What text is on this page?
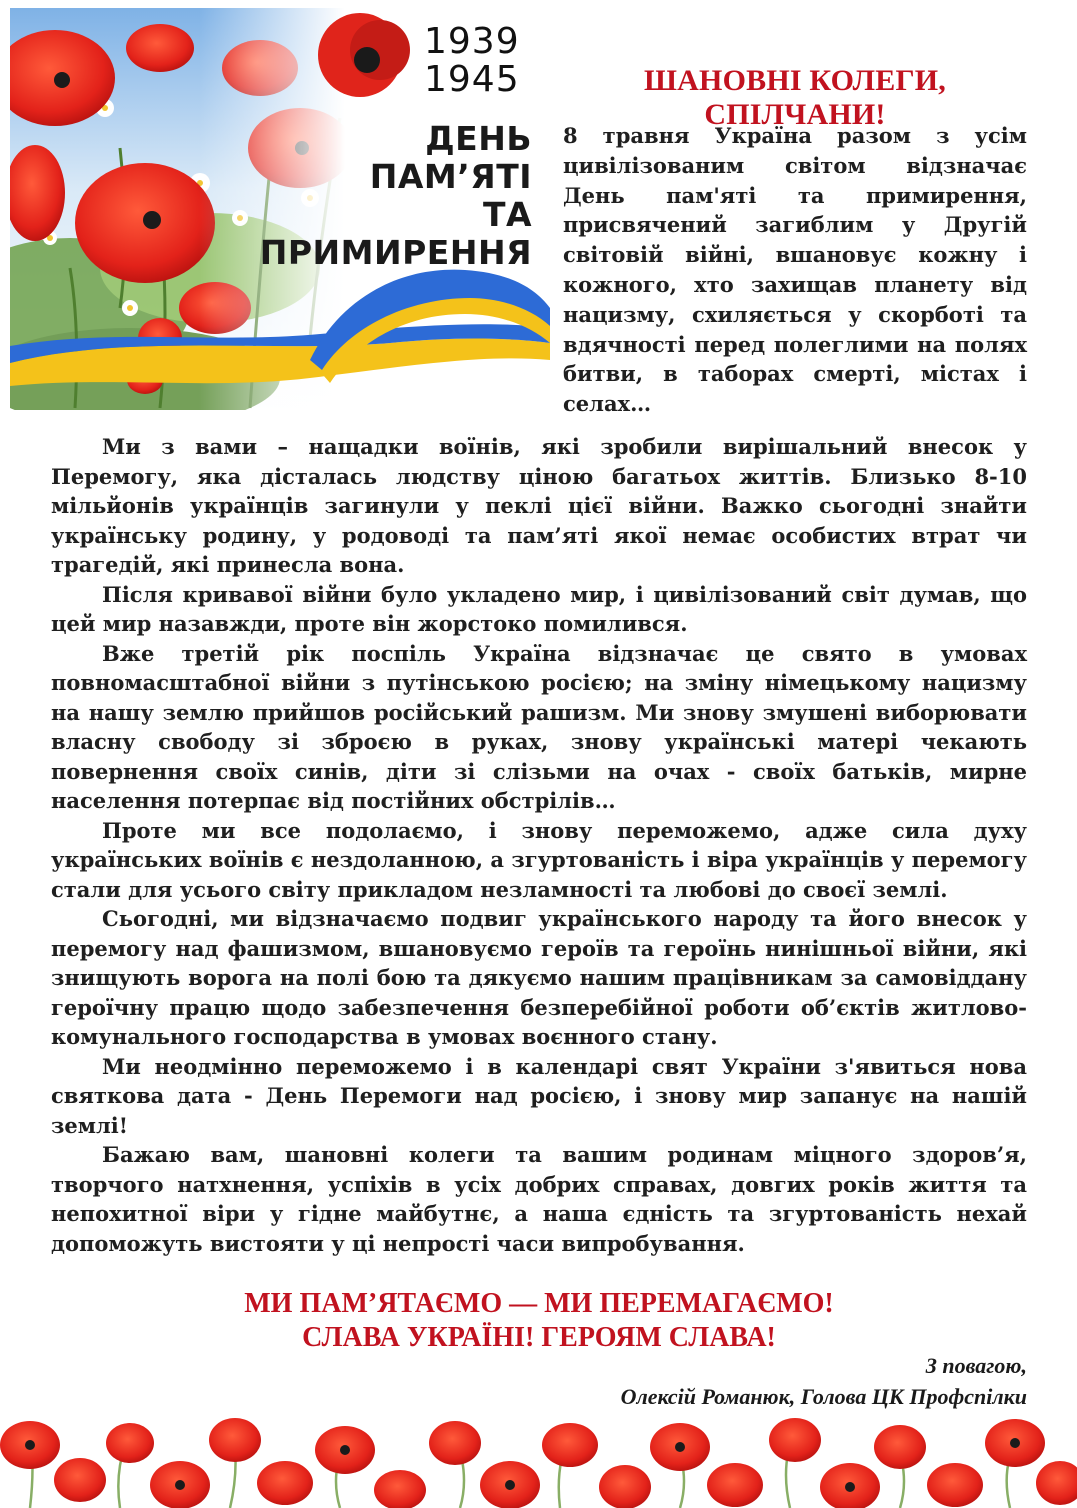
1939
1945
ДЕНЬ
ПАМ’ЯТІ
ТА
ПРИМИРЕННЯ
ШАНОВНІ КОЛЕГИ, СПІЛЧАНИ!
8 травня Україна разом з усім цивілізованим світом відзначає День пам'яті та примирення, присвячений загиблим у Другій світовій війні, вшановує кожну і кожного, хто захищав планету від нацизму, схиляється у скорботі та вдячності перед полеглими на полях битви, в таборах смерті, містах і селах…

Ми з вами – нащадки воїнів, які зробили вирішальний внесок у Перемогу, яка дісталась людству ціною багатьох життів. Близько 8-10 мільйонів українців загинули у пеклі цієї війни. Важко сьогодні знайти українську родину, у родоводі та пам’яті якої немає особистих втрат чи трагедій, які принесла вона.

Після кривавої війни було укладено мир, і цивілізований світ думав, що цей мир назавжди, проте він жорстоко помилився.

Вже третій рік поспіль Україна відзначає це свято в умовах повномасштабної війни з путінською росією; на зміну німецькому нацизму на нашу землю прийшов російський рашизм. Ми знову змушені виборювати власну свободу зі зброєю в руках, знову українські матері чекають повернення своїх синів, діти зі слізьми на очах - своїх батьків, мирне населення потерпає від постійних обстрілів…

Проте ми все подолаємо, і знову переможемо, адже сила духу українських воїнів є нездоланною, а згуртованість і віра українців у перемогу стали для усього світу прикладом незламності та любові до своєї землі.

Сьогодні, ми відзначаємо подвиг українського народу та його внесок у перемогу над фашизмом, вшановуємо героїв та героїнь нинішньої війни, які знищують ворога на полі бою та дякуємо нашим працівникам за самовіддану героїчну працю щодо забезпечення безперебійної роботи об’єктів житлово-комунального господарства в умовах воєнного стану.

Ми неодмінно переможемо і в календарі свят України з'явиться нова святкова дата - День Перемоги над росією, і знову мир запанує на нашій землі!

Бажаю вам, шановні колеги та вашим родинам міцного здоров’я, творчого натхнення, успіхів в усіх добрих справах, довгих років життя та непохитної віри у гідне майбутнє, а наша єдність та згуртованість нехай допоможуть вистояти у ці непрості часи випробування.

МИ ПАМ’ЯТАЄМО — МИ ПЕРЕМАГАЄМО!
СЛАВА УКРАЇНІ! ГЕРОЯМ СЛАВА!
З повагою,
Олексій Романюк, Голова ЦК Профспілки
